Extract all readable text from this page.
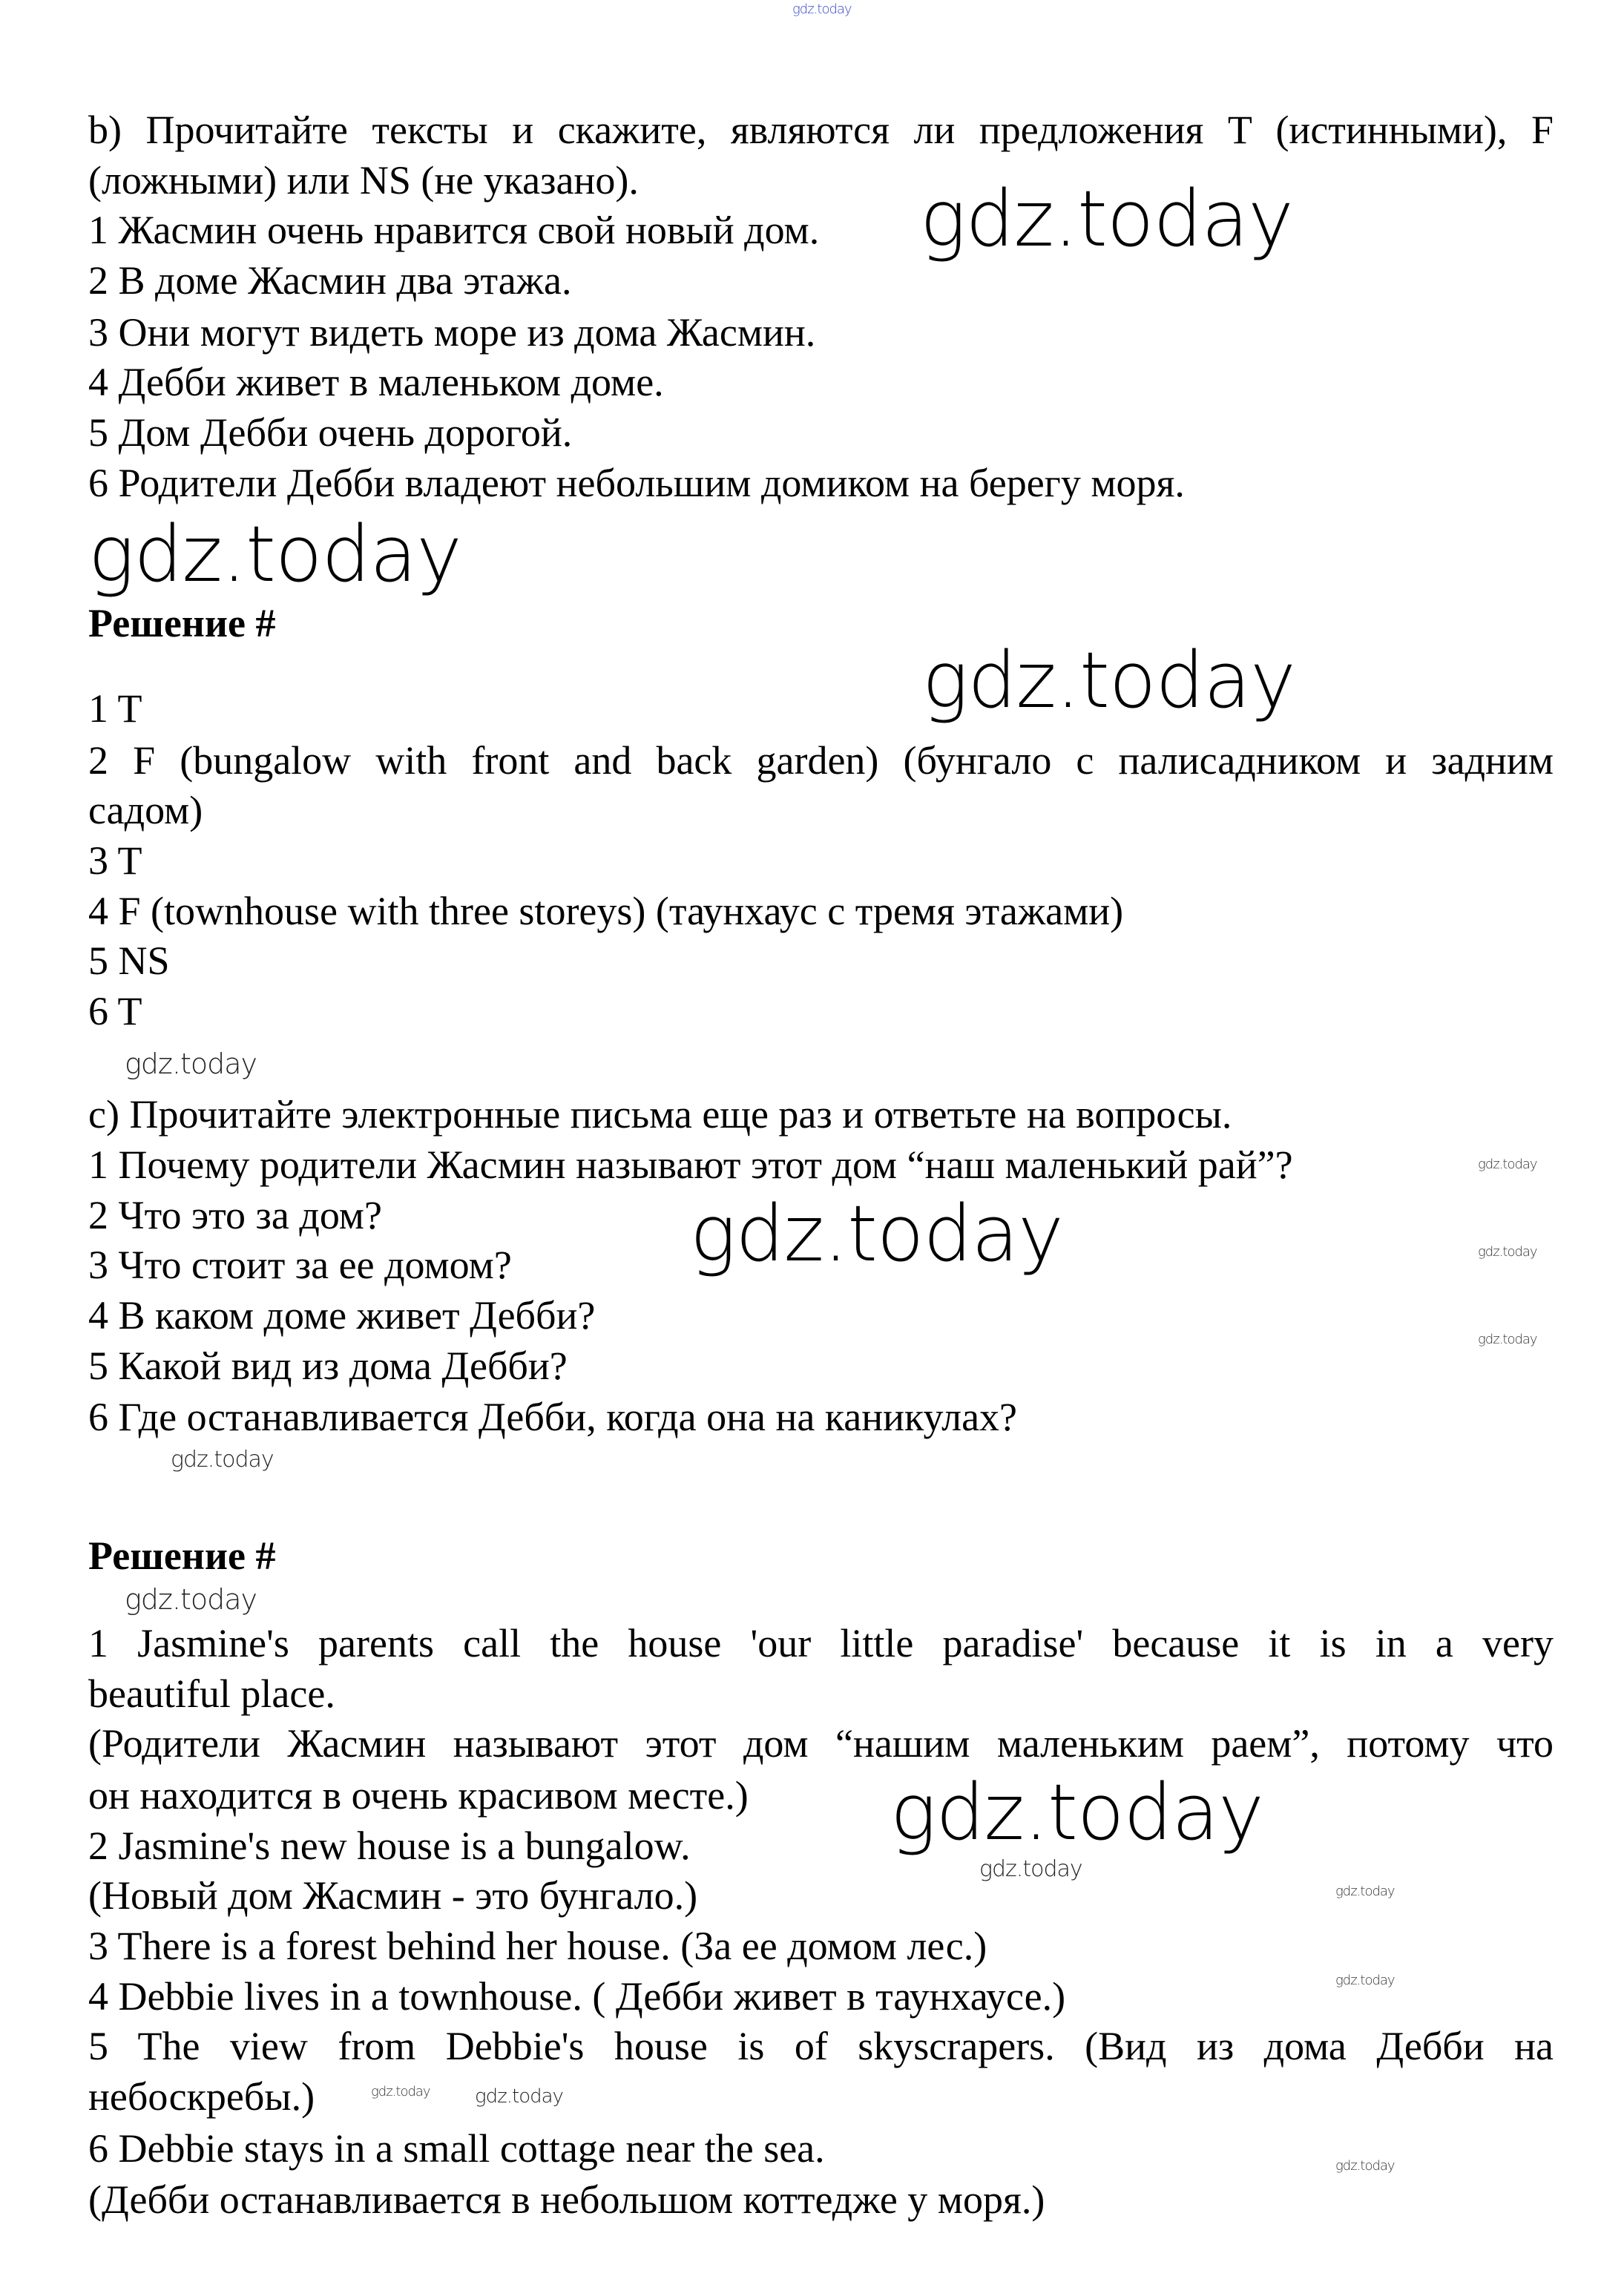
b) Прочитайте тексты и скажите, являются ли предложения T (истинными), F
(ложными) или NS (не указано).
1 Жасмин очень нравится свой новый дом.
2 В доме Жасмин два этажа.
3 Они могут видеть море из дома Жасмин.
4 Дебби живет в маленьком доме.
5 Дом Дебби очень дорогой.
6 Родители Дебби владеют небольшим домиком на берегу моря.
Решение #
1 T
2 F (bungalow with front and back garden) (бунгало с палисадником и задним
садом)
3 T
4 F (townhouse with three storeys) (таунхаус с тремя этажами)
5 NS
6 T
c) Прочитайте электронные письма еще раз и ответьте на вопросы.
1 Почему родители Жасмин называют этот дом “наш маленький рай”?
2 Что это за дом?
3 Что стоит за ее домом?
4 В каком доме живет Дебби?
5 Какой вид из дома Дебби?
6 Где останавливается Дебби, когда она на каникулах?
Решение #
1 Jasmine's parents call the house 'our little paradise' because it is in a very
beautiful place.
(Родители Жасмин называют этот дом “нашим маленьким раем”, потому что
он находится в очень красивом месте.)
2 Jasmine's new house is a bungalow.
(Новый дом Жасмин - это бунгало.)
3 There is a forest behind her house. (За ее домом лес.)
4 Debbie lives in a townhouse. ( Дебби живет в таунхаусе.)
5 The view from Debbie's house is of skyscrapers. (Вид из дома Дебби на
небоскребы.)
6 Debbie stays in a small cottage near the sea.
(Дебби останавливается в небольшом коттедже у моря.)
gdz.today
gdz.today
gdz.today
gdz.today
gdz.today
gdz.today
gdz.today
gdz.today
gdz.today
gdz.today
gdz.today
gdz.today
gdz.today
gdz.today
gdz.today
gdz.today
gdz.today
gdz.today
